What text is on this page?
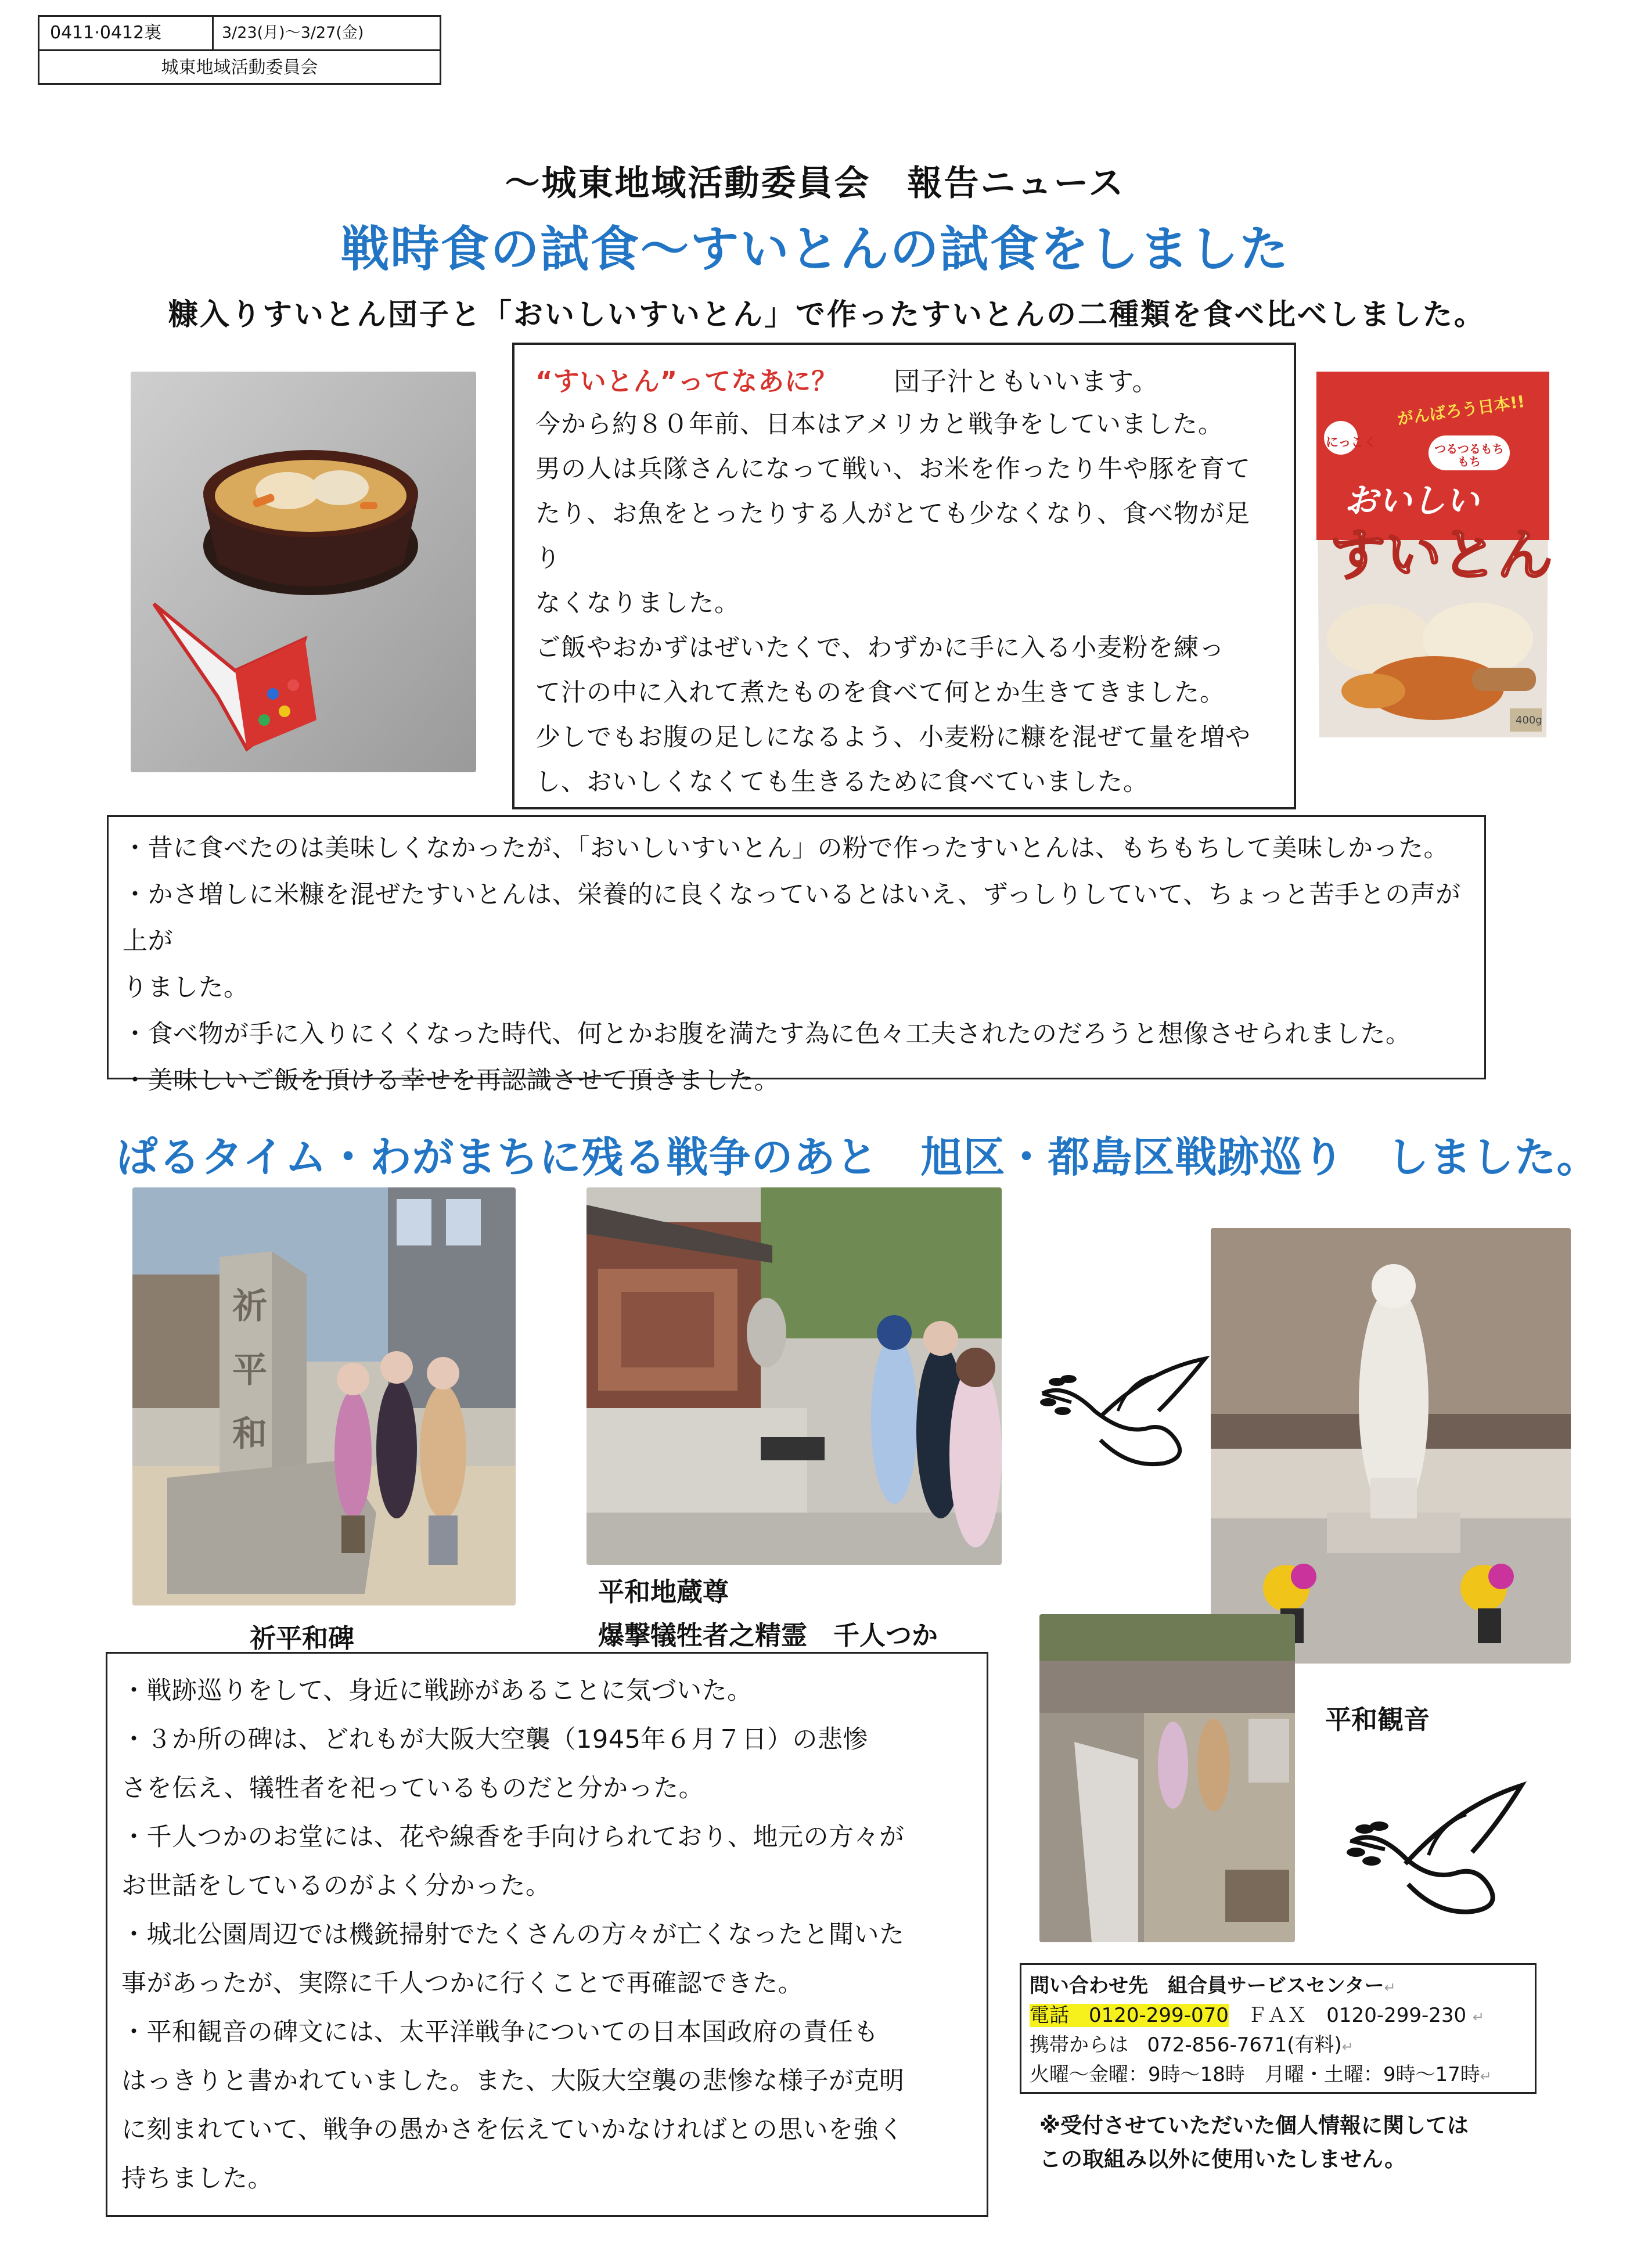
0411·0412裏	3/23(月)～3/27(金)
城東地域活動委員会
～城東地域活動委員会　報告ニュース
戦時食の試食～すいとんの試食をしました
糠入りすいとん団子と「おいしいすいとん」で作ったすいとんの二種類を食べ比べしました。

“すいとん”ってなあに？ 団子汁ともいいます。

今から約８０年前、日本はアメリカと戦争をしていました。

男の人は兵隊さんになって戦い、お米を作ったり牛や豚を育て

たり、お魚をとったりする人がとても少なくなり、食べ物が足り

なくなりました。

ご飯やおかずはぜいたくで、わずかに手に入る小麦粉を練っ

て汁の中に入れて煮たものを食べて何とか生きてきました。

少しでもお腹の足しになるよう、小麦粉に糠を混ぜて量を増や

し、おいしくなくても生きるために食べていました。

にっこく
がんばろう日本!!
つるつるもちもち
おいしい
すいとん
400g

・昔に食べたのは美味しくなかったが、「おいしいすいとん」の粉で作ったすいとんは、もちもちして美味しかった。

・かさ増しに米糠を混ぜたすいとんは、栄養的に良くなっているとはいえ、ずっしりしていて、ちょっと苦手との声が上が

りました。

・食べ物が手に入りにくくなった時代、何とかお腹を満たす為に色々工夫されたのだろうと想像させられました。

・美味しいご飯を頂ける幸せを再認識させて頂きました。

ぱるタイム・わがまちに残る戦争のあと　旭区・都島区戦跡巡り　しました。
祈平和
祈平和碑
平和地蔵尊
爆撃犠牲者之精霊　千人つか
平和観音

・戦跡巡りをして、身近に戦跡があることに気づいた。

・３か所の碑は、どれもが大阪大空襲（1945年６月７日）の悲惨

さを伝え、犠牲者を祀っているものだと分かった。

・千人つかのお堂には、花や線香を手向けられており、地元の方々が

お世話をしているのがよく分かった。

・城北公園周辺では機銃掃射でたくさんの方々が亡くなったと聞いた

事があったが、実際に千人つかに行くことで再確認できた。

・平和観音の碑文には、太平洋戦争についての日本国政府の責任も

はっきりと書かれていました。また、大阪大空襲の悲惨な様子が克明

に刻まれていて、戦争の愚かさを伝えていかなければとの思いを強く

持ちました。

問い合わせ先　組合員サービスセンター↵
電話　0120-299-070 ＦＡＸ　0120-299-230 ↵
携帯からは 072-856-7671(有料)↵
火曜～金曜：9時～18時　月曜・土曜：9時～17時↵
※受付させていただいた個人情報に関しては
この取組み以外に使用いたしません。
